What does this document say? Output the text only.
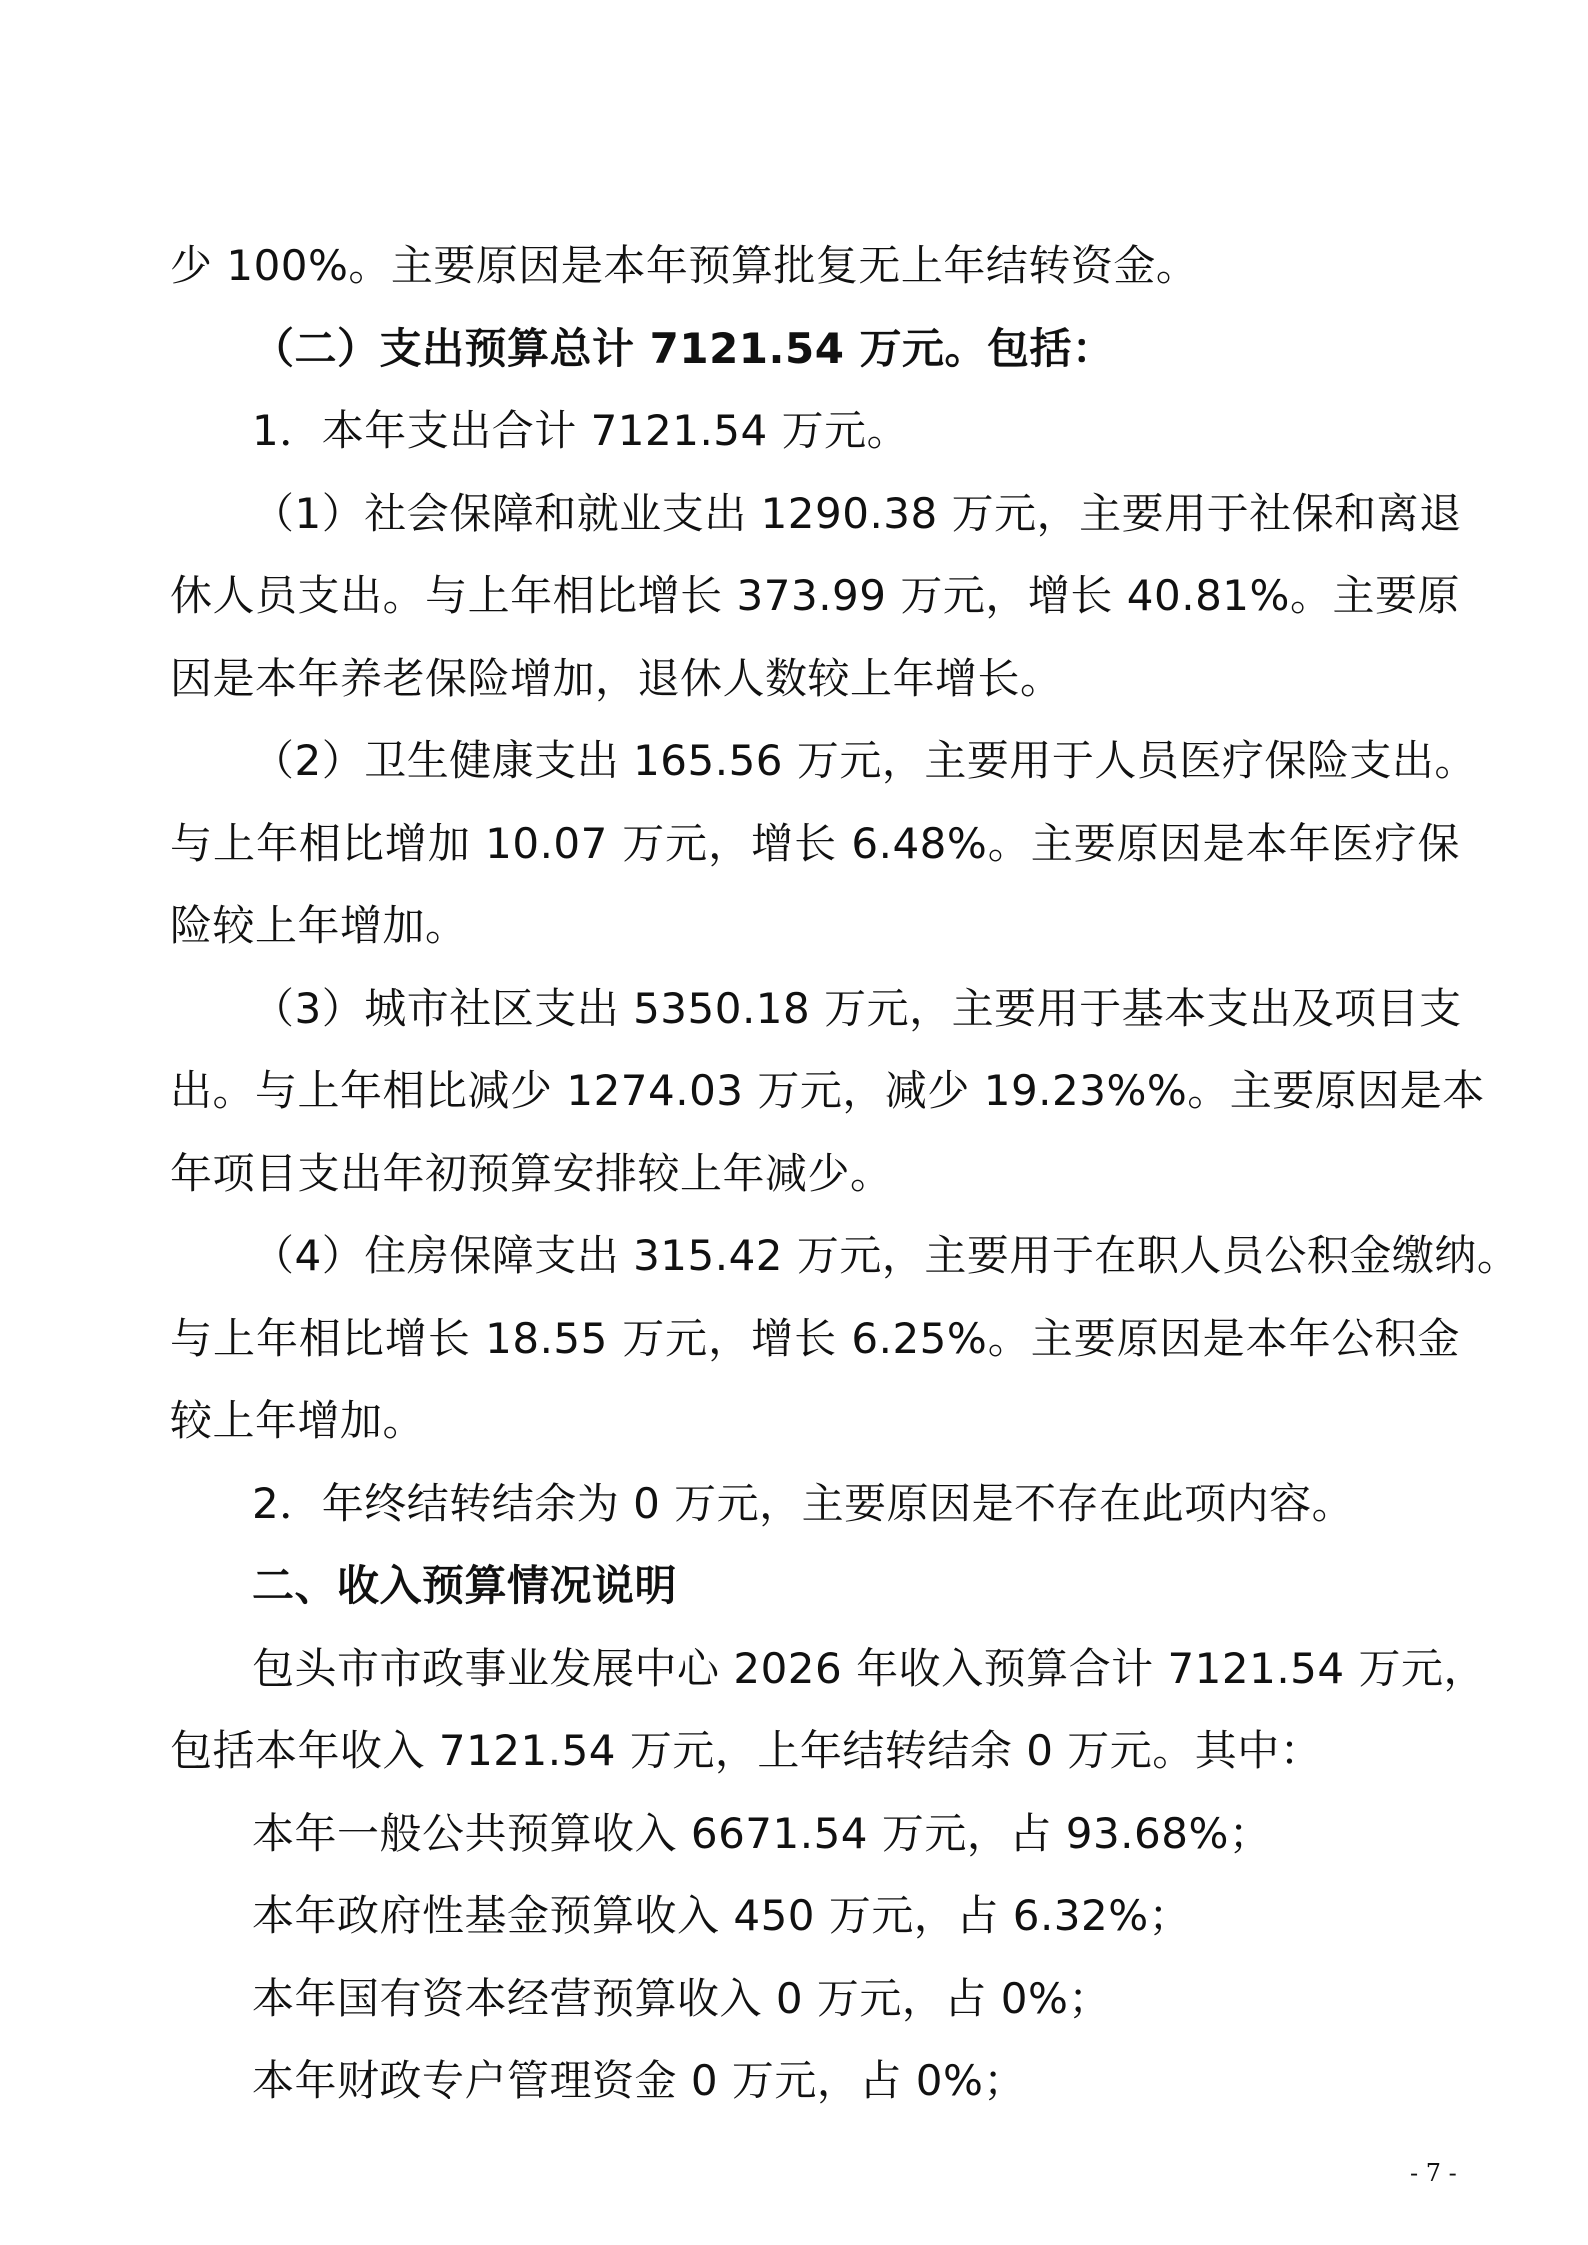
少 100%。主要原因是本年预算批复无上年结转资金。
（二）支出预算总计 7121.54 万元。包括：
1．本年支出合计 7121.54 万元。
（1）社会保障和就业支出 1290.38 万元，主要用于社保和离退
休人员支出。与上年相比增长 373.99 万元，增长 40.81%。主要原
因是本年养老保险增加，退休人数较上年增长。
（2）卫生健康支出 165.56 万元，主要用于人员医疗保险支出。
与上年相比增加 10.07 万元，增长 6.48%。主要原因是本年医疗保
险较上年增加。
（3）城市社区支出 5350.18 万元，主要用于基本支出及项目支
出。与上年相比减少 1274.03 万元，减少 19.23%%。主要原因是本
年项目支出年初预算安排较上年减少。
（4）住房保障支出 315.42 万元，主要用于在职人员公积金缴纳。
与上年相比增长 18.55 万元，增长 6.25%。主要原因是本年公积金
较上年增加。
2．年终结转结余为 0 万元，主要原因是不存在此项内容。
二、收入预算情况说明
包头市市政事业发展中心 2026 年收入预算合计 7121.54 万元，
包括本年收入 7121.54 万元，上年结转结余 0 万元。其中：
本年一般公共预算收入 6671.54 万元，占 93.68%；
本年政府性基金预算收入 450 万元，占 6.32%；
本年国有资本经营预算收入 0 万元，占 0%；
本年财政专户管理资金 0 万元，占 0%；
- 7 -
